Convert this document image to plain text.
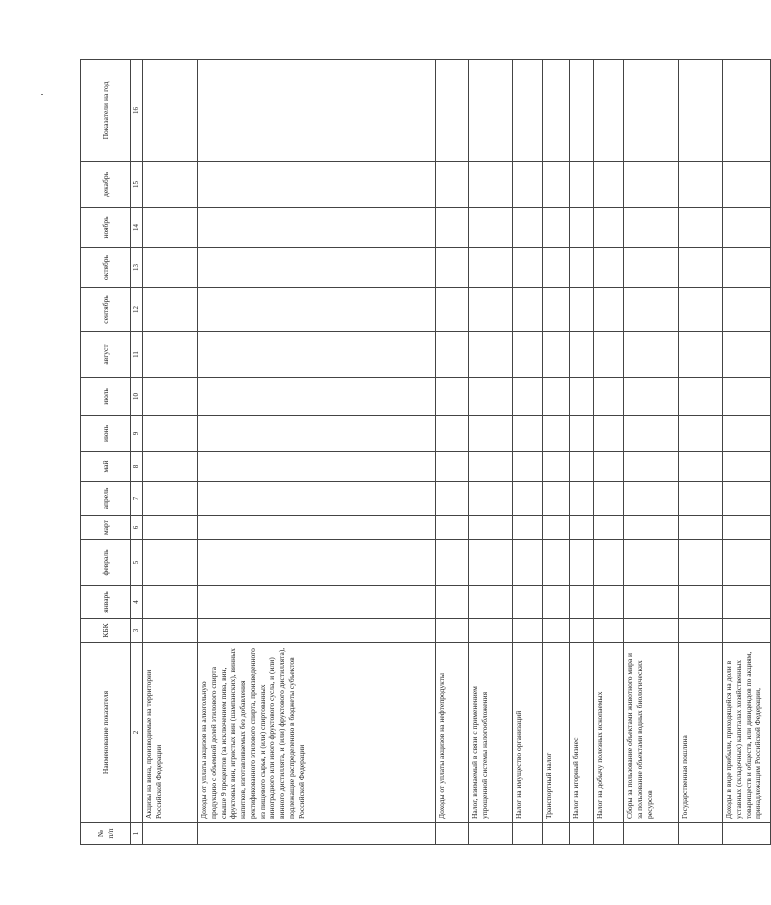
№ п/п	Наименование показателя	КБК	январь	февраль	март	апрель	май	июнь	июль	август	сентябрь	октябрь	ноябрь	декабрь	Показатели на год
1	2	3	4	5	6	7	8	9	10	11	12	13	14	15	16
	Акцизы на вина, производимые на территории Российской Федерации														
	Доходы от уплаты акцизов на алкогольную продукцию с объемной долей этилового спирта свыше 9 процентов (за исключением пива, вин, фруктовых вин, игристых вин (шампанских), винных напитков, изготавливаемых без добавления ректификованного этилового спирта, произведенного из пищевого сырья, и (или) спиртованных виноградного или иного фруктового сусла, и (или) винного дистиллята, и (или) фруктового дистиллята), подлежащие распределению в бюджеты субъектов Российской Федерации														
	Доходы от уплаты акцизов на нефтепродукты														
	Налог, взимаемый в связи с применением упрощенной системы налогообложения														
	Налог на имущество организаций														
	Транспортный налог														
	Налог на игорный бизнес														
	Налог на добычу полезных ископаемых														
	Сборы за пользование объектами животного мира и за пользование объектами водных биологических ресурсов														
	Государственная пошлина														
	Доходы в виде прибыли, приходящейся на доли в уставных (складочных) капиталах хозяйственных товариществ и обществ, или дивидендов по акциям, принадлежащим Российской Федерации,														
